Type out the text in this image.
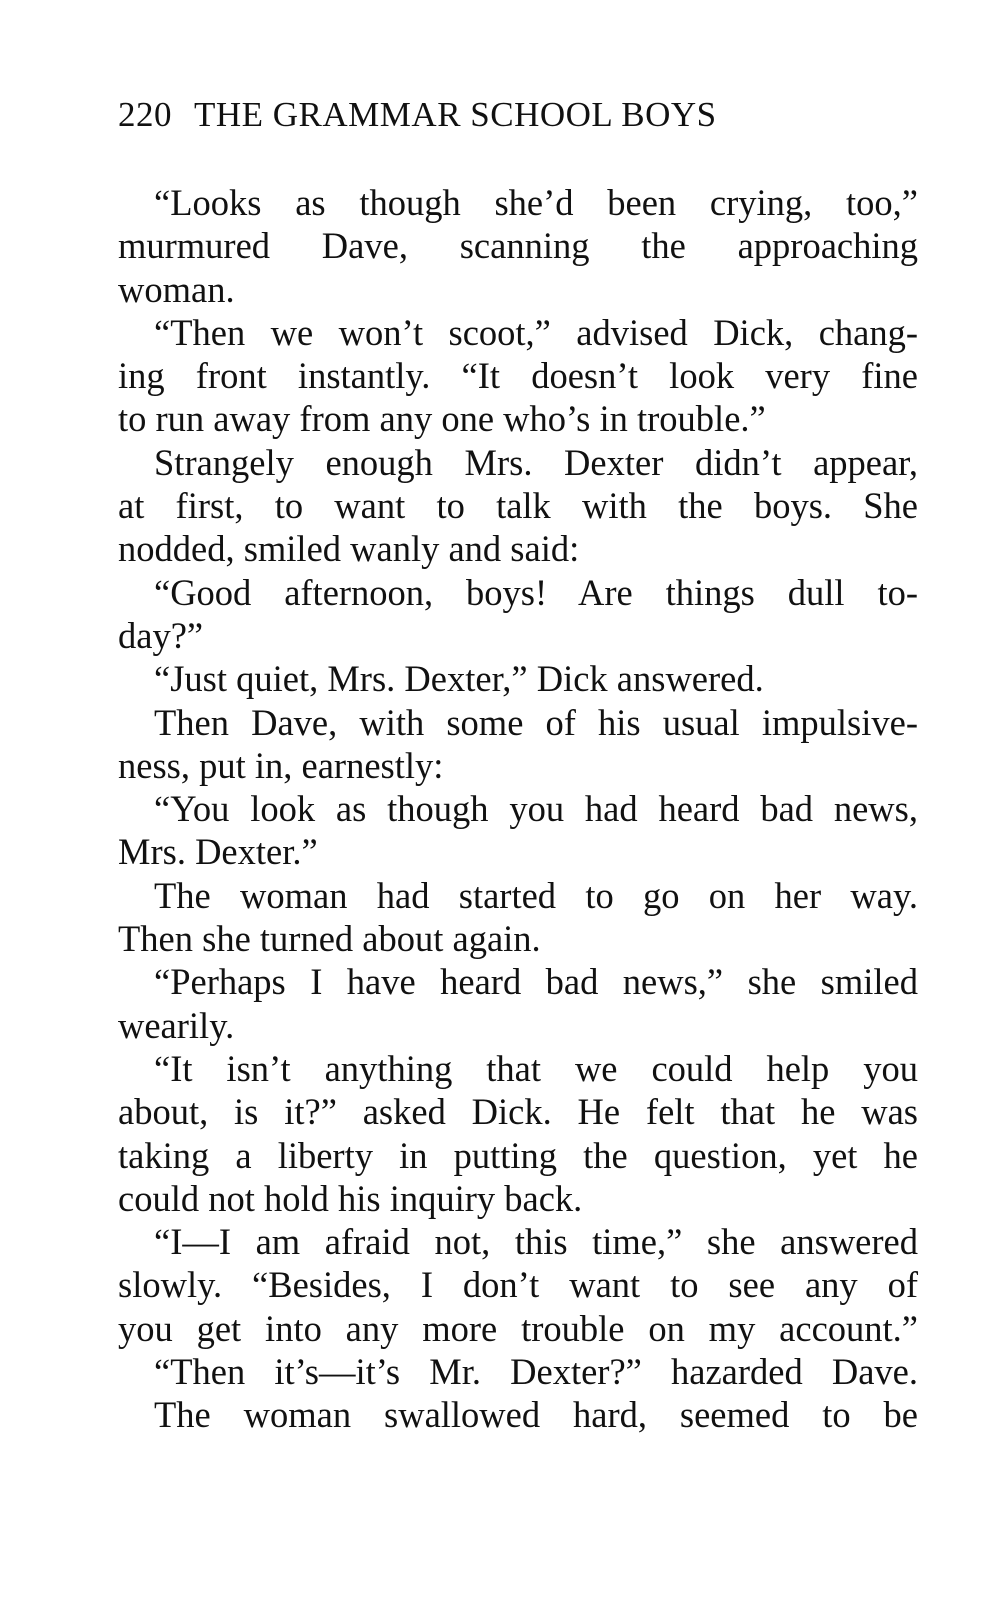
220 THE GRAMMAR SCHOOL BOYS
“Looks as though she’d been crying, too,”
murmured Dave, scanning the approaching
woman.
“Then we won’t scoot,” advised Dick, chang-
ing front instantly. “It doesn’t look very fine
to run away from any one who’s in trouble.”
Strangely enough Mrs. Dexter didn’t appear,
at first, to want to talk with the boys. She
nodded, smiled wanly and said:
“Good afternoon, boys! Are things dull to-
day?”
“Just quiet, Mrs. Dexter,” Dick answered.
Then Dave, with some of his usual impulsive-
ness, put in, earnestly:
“You look as though you had heard bad news,
Mrs. Dexter.”
The woman had started to go on her way.
Then she turned about again.
“Perhaps I have heard bad news,” she smiled
wearily.
“It isn’t anything that we could help you
about, is it?” asked Dick. He felt that he was
taking a liberty in putting the question, yet he
could not hold his inquiry back.
“I—I am afraid not, this time,” she answered
slowly. “Besides, I don’t want to see any of
you get into any more trouble on my account.”
“Then it’s—it’s Mr. Dexter?” hazarded Dave.
The woman swallowed hard, seemed to be
